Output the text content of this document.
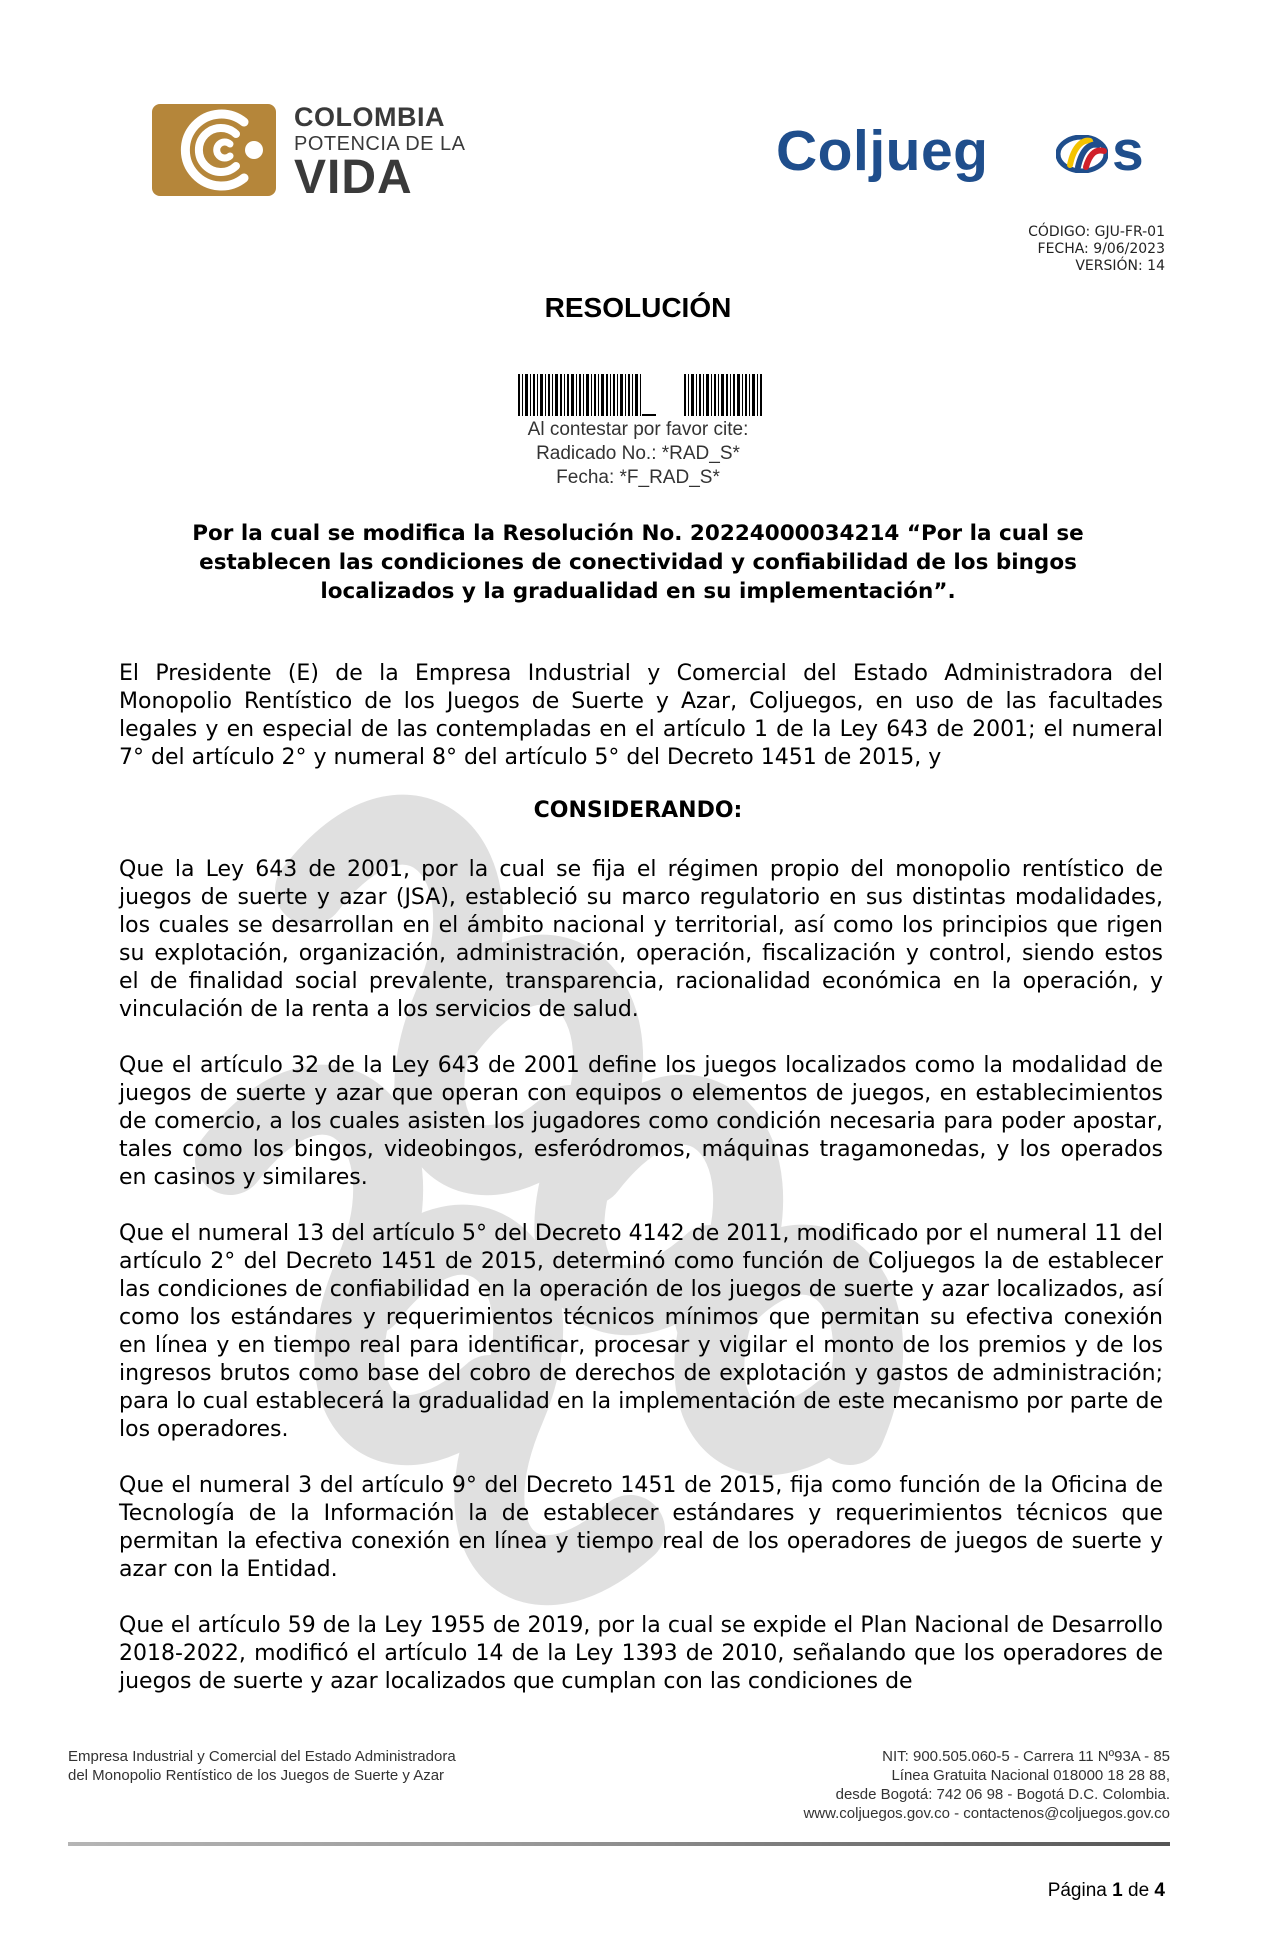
COLOMBIA
POTENCIA DE LA
VIDA	Coljueg s
CÓDIGO: GJU-FR-01
FECHA: 9/06/2023
VERSIÓN: 14
RESOLUCIÓN
Al contestar por favor cite:
Radicado No.: *RAD_S*
Fecha: *F_RAD_S*
Por la cual se modifica la Resolución No. 20224000034214 “Por la cual se establecen las condiciones de conectividad y confiabilidad de los bingos localizados y la gradualidad en su implementación”.
El Presidente (E) de la Empresa Industrial y Comercial del Estado Administradora del Monopolio Rentístico de los Juegos de Suerte y Azar, Coljuegos, en uso de las facultades legales y en especial de las contempladas en el artículo 1 de la Ley 643 de 2001; el numeral 7° del artículo 2° y numeral 8° del artículo 5° del Decreto 1451 de 2015, y
CONSIDERANDO:
Que la Ley 643 de 2001, por la cual se fija el régimen propio del monopolio rentístico de juegos de suerte y azar (JSA), estableció su marco regulatorio en sus distintas modalidades, los cuales se desarrollan en el ámbito nacional y territorial, así como los principios que rigen su explotación, organización, administración, operación, fiscalización y control, siendo estos el de finalidad social prevalente, transparencia, racionalidad económica en la operación, y vinculación de la renta a los servicios de salud.
Que el artículo 32 de la Ley 643 de 2001 define los juegos localizados como la modalidad de juegos de suerte y azar que operan con equipos o elementos de juegos, en establecimientos de comercio, a los cuales asisten los jugadores como condición necesaria para poder apostar, tales como los bingos, videobingos, esferódromos, máquinas tragamonedas, y los operados en casinos y similares.
Que el numeral 13 del artículo 5° del Decreto 4142 de 2011, modificado por el numeral 11 del artículo 2° del Decreto 1451 de 2015, determinó como función de Coljuegos la de establecer las condiciones de confiabilidad en la operación de los juegos de suerte y azar localizados, así como los estándares y requerimientos técnicos mínimos que permitan su efectiva conexión en línea y en tiempo real para identificar, procesar y vigilar el monto de los premios y de los ingresos brutos como base del cobro de derechos de explotación y gastos de administración; para lo cual establecerá la gradualidad en la implementación de este mecanismo por parte de los operadores.
Que el numeral 3 del artículo 9° del Decreto 1451 de 2015, fija como función de la Oficina de Tecnología de la Información la de establecer estándares y requerimientos técnicos que permitan la efectiva conexión en línea y tiempo real de los operadores de juegos de suerte y azar con la Entidad.
Que el artículo 59 de la Ley 1955 de 2019, por la cual se expide el Plan Nacional de Desarrollo 2018-2022, modificó el artículo 14 de la Ley 1393 de 2010, señalando que los operadores de juegos de suerte y azar localizados que cumplan con las condiciones de
Empresa Industrial y Comercial del Estado Administradora
del Monopolio Rentístico de los Juegos de Suerte y Azar
NIT: 900.505.060-5 - Carrera 11 Nº93A - 85
Línea Gratuita Nacional 018000 18 28 88,
desde Bogotá: 742 06 98 - Bogotá D.C. Colombia.
www.coljuegos.gov.co - contactenos@coljuegos.gov.co
Página 1 de 4
